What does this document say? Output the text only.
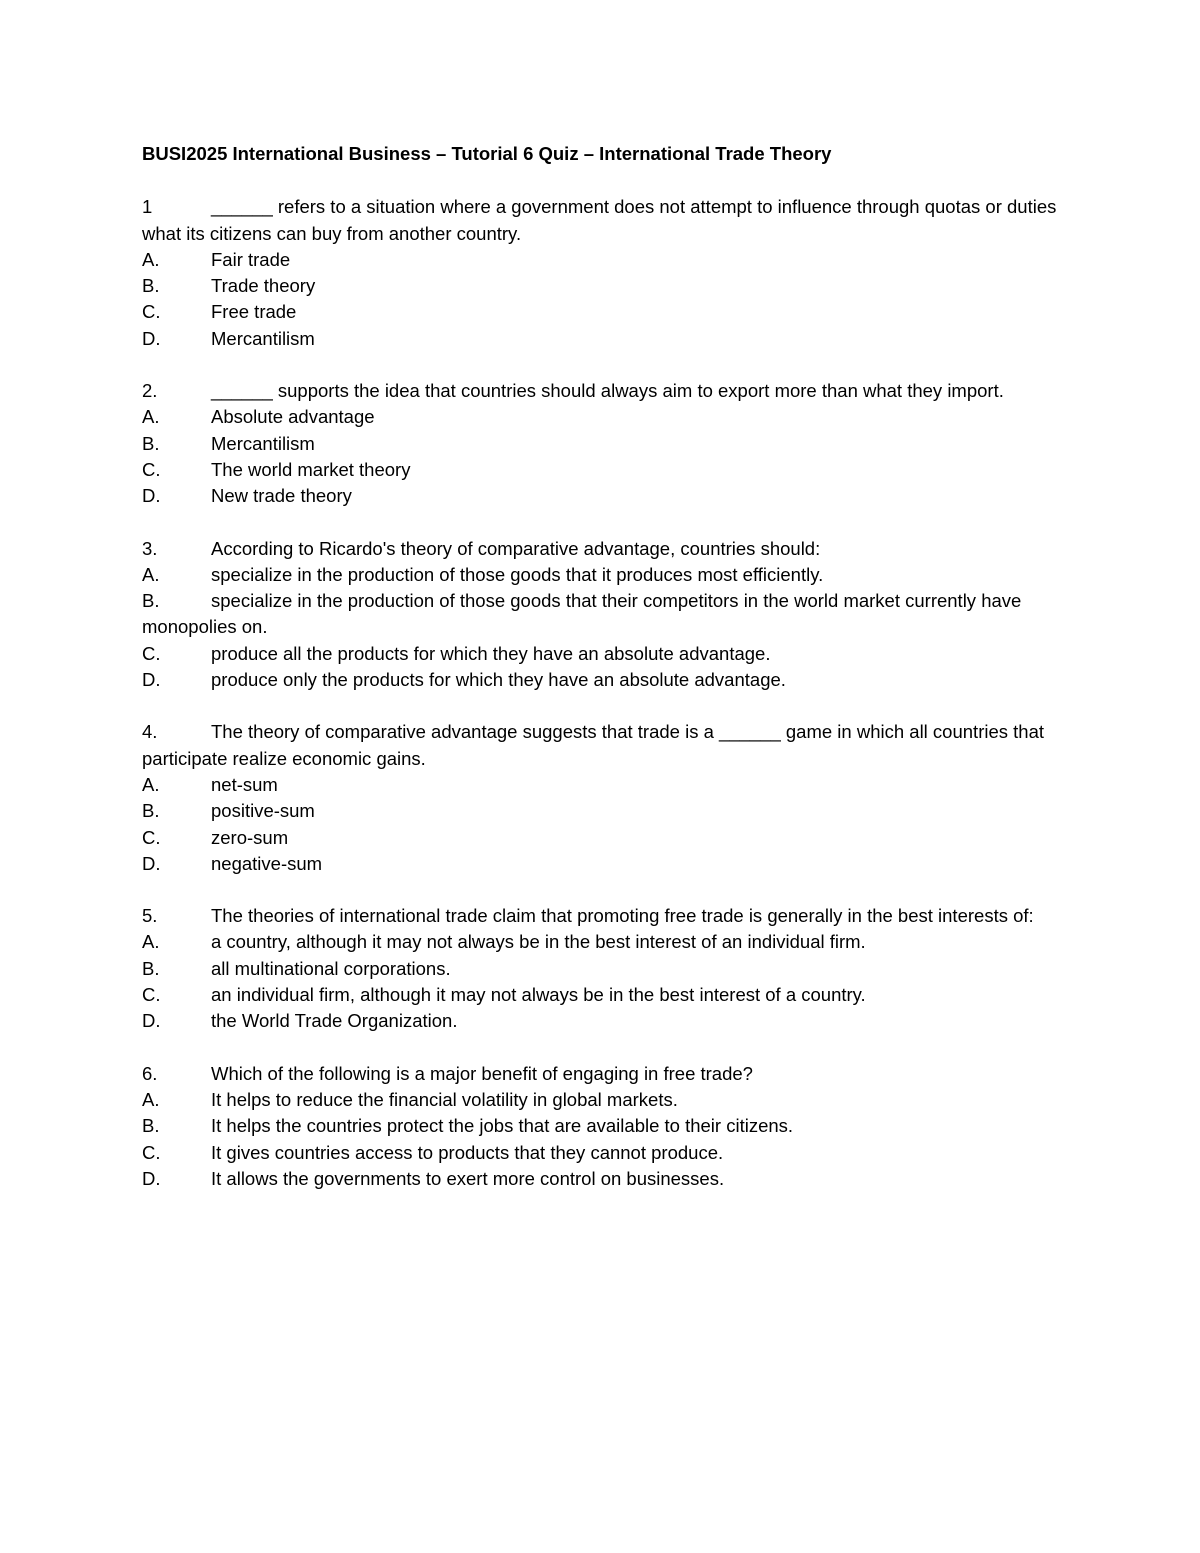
BUSI2025 International Business – Tutorial 6 Quiz – International Trade Theory

1	______ refers to a situation where a government does not attempt to influence through quotas or duties what its citizens can buy from another country.

A.	Fair trade
B.	Trade theory
C.	Free trade
D.	Mercantilism

2.	______ supports the idea that countries should always aim to export more than what they import.

A.	Absolute advantage
B.	Mercantilism
C.	The world market theory
D.	New trade theory

3.	According to Ricardo's theory of comparative advantage, countries should:

A.	specialize in the production of those goods that it produces most efficiently.

B.	specialize in the production of those goods that their competitors in the world market currently have monopolies on.

C.	produce all the products for which they have an absolute advantage.
D.	produce only the products for which they have an absolute advantage.

4.	The theory of comparative advantage suggests that trade is a ______ game in which all countries that participate realize economic gains.

A.	net-sum
B.	positive-sum
C.	zero-sum
D.	negative-sum

5.	The theories of international trade claim that promoting free trade is generally in the best interests of:

A.	a country, although it may not always be in the best interest of an individual firm.
B.	all multinational corporations.
C.	an individual firm, although it may not always be in the best interest of a country.
D.	the World Trade Organization.

6.	Which of the following is a major benefit of engaging in free trade?

A.	It helps to reduce the financial volatility in global markets.
B.	It helps the countries protect the jobs that are available to their citizens.
C.	It gives countries access to products that they cannot produce.
D.	It allows the governments to exert more control on businesses.
